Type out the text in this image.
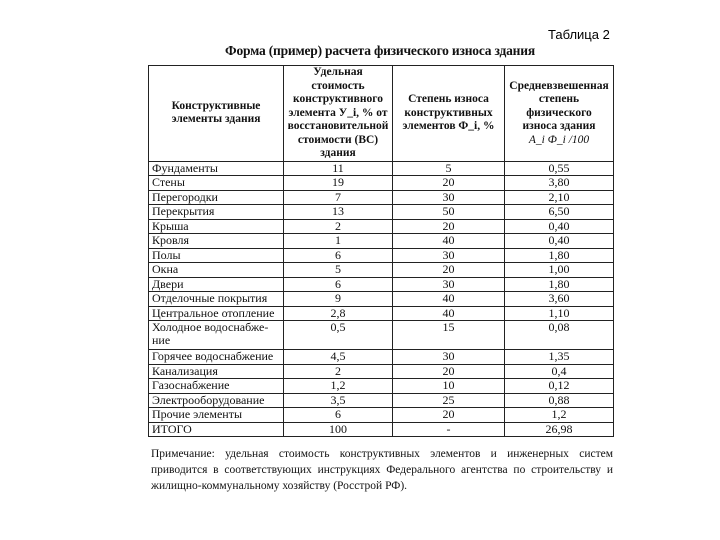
Таблица 2
Форма (пример) расчета физического износа здания
Конструктивные элементы здания	Удельная стоимость конструктивного элемента У_i, % от восстановительной стоимости (ВС) здания	Степень износа конструктивных элементов Ф_i, %	Средневзвешенная степень физического износа здания
A_i Ф_i /100
Фундаменты	11	5	0,55
Стены	19	20	3,80
Перегородки	7	30	2,10
Перекрытия	13	50	6,50
Крыша	2	20	0,40
Кровля	1	40	0,40
Полы	6	30	1,80
Окна	5	20	1,00
Двери	6	30	1,80
Отделочные покрытия	9	40	3,60
Центральное отопление	2,8	40	1,10
Холодное водоснабже-ние	0,5	15	0,08
Горячее водоснабжение	4,5	30	1,35
Канализация	2	20	0,4
Газоснабжение	1,2	10	0,12
Электрооборудование	3,5	25	0,88
Прочие элементы	6	20	1,2
ИТОГО	100	-	26,98
Примечание: удельная стоимость конструктивных элементов и инженерных систем приводится в соответствующих инструкциях Федерального агентства по строительству и жилищно-коммунальному хозяйству (Росстрой РФ).
